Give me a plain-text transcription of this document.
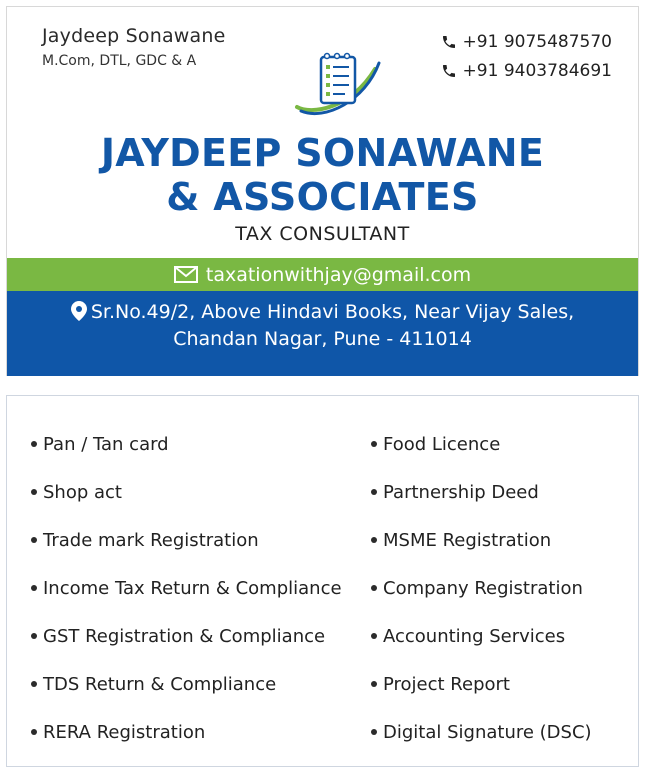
Jaydeep Sonawane
M.Com, DTL, GDC & A
+91 9075487570
+91 9403784691
JAYDEEP SONAWANE
& ASSOCIATES
TAX CONSULTANT
taxationwithjay@gmail.com
Sr.No.49/2, Above Hindavi Books, Near Vijay Sales,
Chandan Nagar, Pune - 411014
Pan / Tan card
Shop act
Trade mark Registration
Income Tax Return & Compliance
GST Registration & Compliance
TDS Return & Compliance
RERA Registration
Food Licence
Partnership Deed
MSME Registration
Company Registration
Accounting Services
Project Report
Digital Signature (DSC)
